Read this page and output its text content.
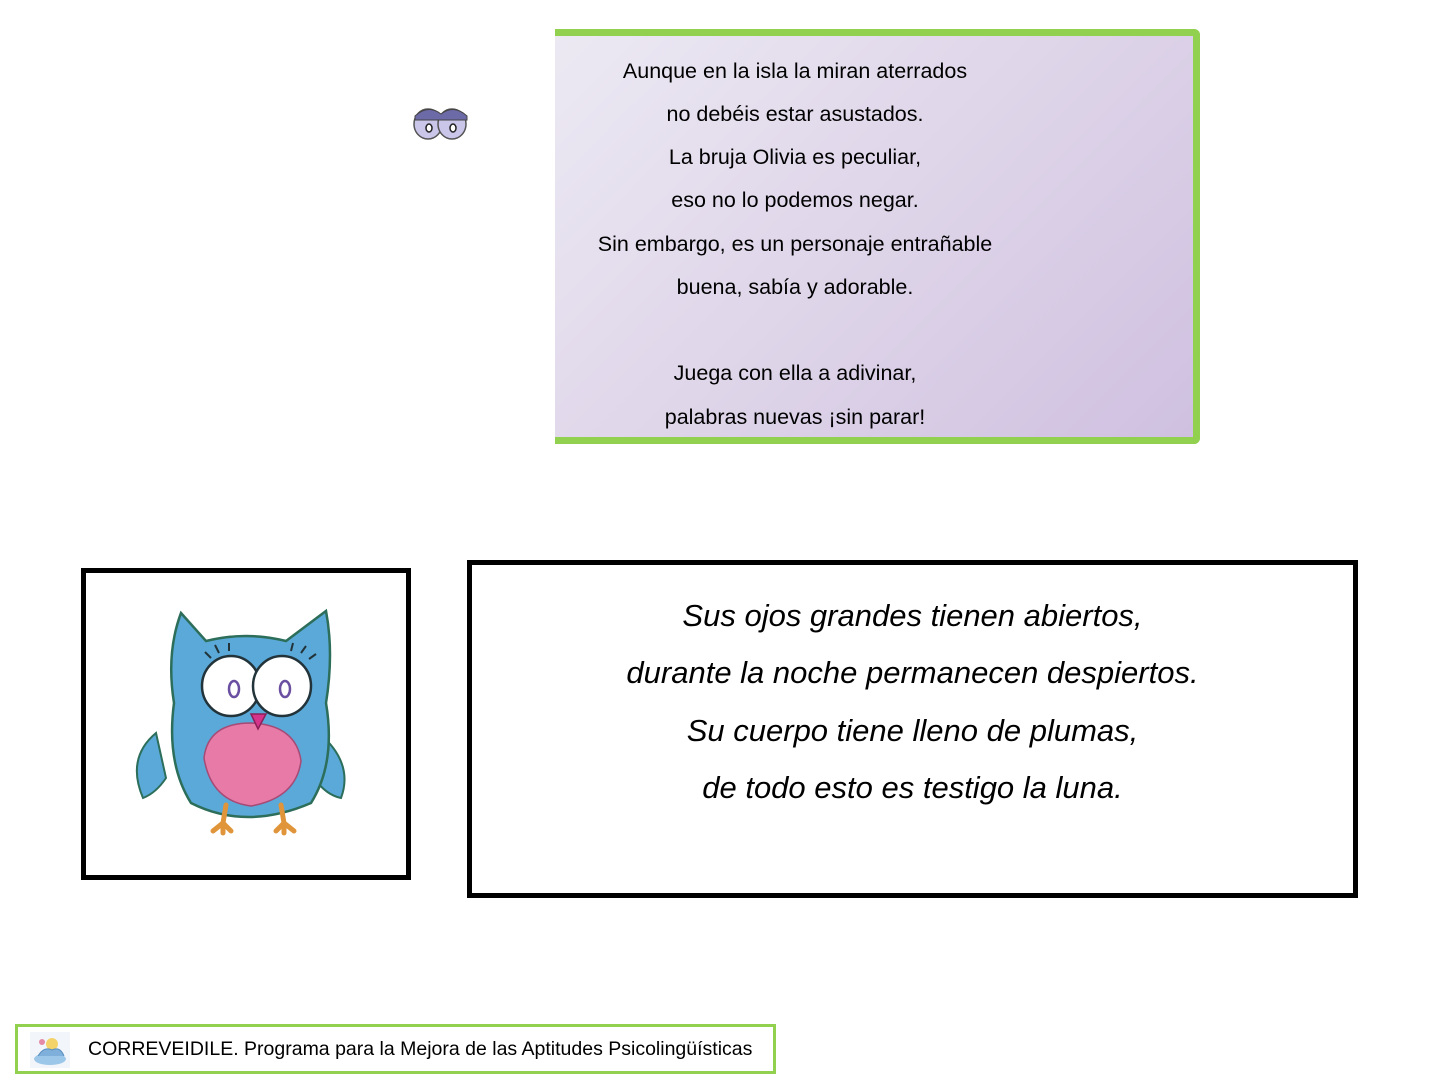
Aunque en la isla la miran aterrados
no debéis estar asustados.
La bruja Olivia es peculiar,
eso no lo podemos negar.
Sin embargo, es un personaje entrañable
buena, sabía y adorable.
Juega con ella a adivinar,
palabras nuevas ¡sin parar!
Sus ojos grandes tienen abiertos,
durante la noche permanecen despiertos.
Su cuerpo tiene lleno de plumas,
de todo esto es testigo la luna.
CORREVEIDILE. Programa para la Mejora de las Aptitudes Psicolingüísticas
